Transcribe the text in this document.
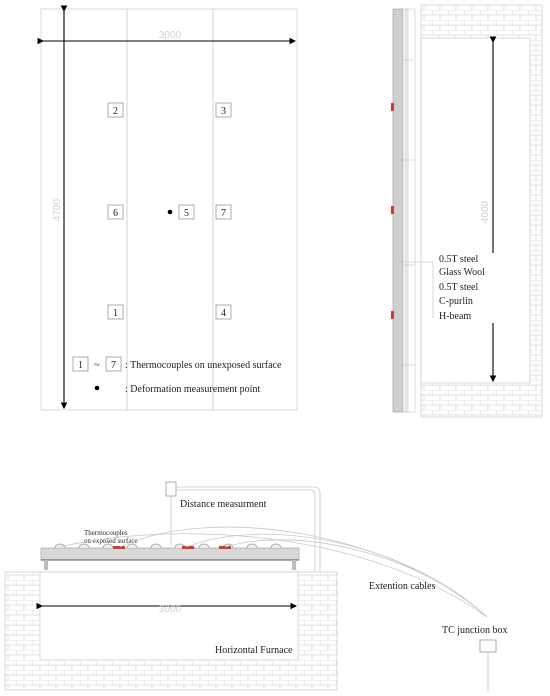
3000
4700
2	3
6	5	7
1	4
1 ~ 7 : Thermocouples on unexposed surface
: Deformation measurement point
4000
0.5T steel
Glass Wool
0.5T steel
C-purlin
H-beam
Distance measurment
Thermocouples
on exposed surface
3000
Horizontal Furnace
Extention cables
TC junction box
